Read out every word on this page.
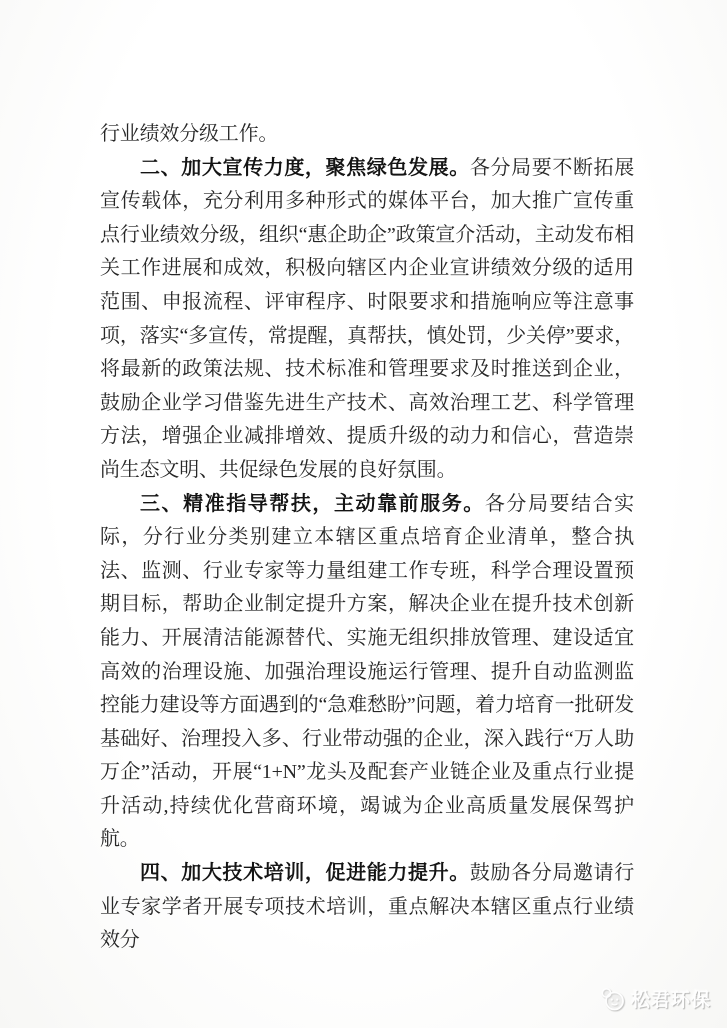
行业绩效分级工作。

二、加大宣传力度，聚焦绿色发展。各分局要不断拓展宣传载体，充分利用多种形式的媒体平台，加大推广宣传重点行业绩效分级，组织“惠企助企”政策宣介活动，主动发布相关工作进展和成效，积极向辖区内企业宣讲绩效分级的适用范围、申报流程、评审程序、时限要求和措施响应等注意事项，落实“多宣传，常提醒，真帮扶，慎处罚，少关停”要求，将最新的政策法规、技术标准和管理要求及时推送到企业，鼓励企业学习借鉴先进生产技术、高效治理工艺、科学管理方法，增强企业减排增效、提质升级的动力和信心，营造崇尚生态文明、共促绿色发展的良好氛围。

三、精准指导帮扶，主动靠前服务。各分局要结合实际，分行业分类别建立本辖区重点培育企业清单，整合执法、监测、行业专家等力量组建工作专班，科学合理设置预期目标，帮助企业制定提升方案，解决企业在提升技术创新能力、开展清洁能源替代、实施无组织排放管理、建设适宜高效的治理设施、加强治理设施运行管理、提升自动监测监控能力建设等方面遇到的“急难愁盼”问题，着力培育一批研发基础好、治理投入多、行业带动强的企业，深入践行“万人助万企”活动，开展“1+N”龙头及配套产业链企业及重点行业提升活动,持续优化营商环境，竭诚为企业高质量发展保驾护航。

四、加大技术培训，促进能力提升。鼓励各分局邀请行业专家学者开展专项技术培训，重点解决本辖区重点行业绩效分

松君环保
